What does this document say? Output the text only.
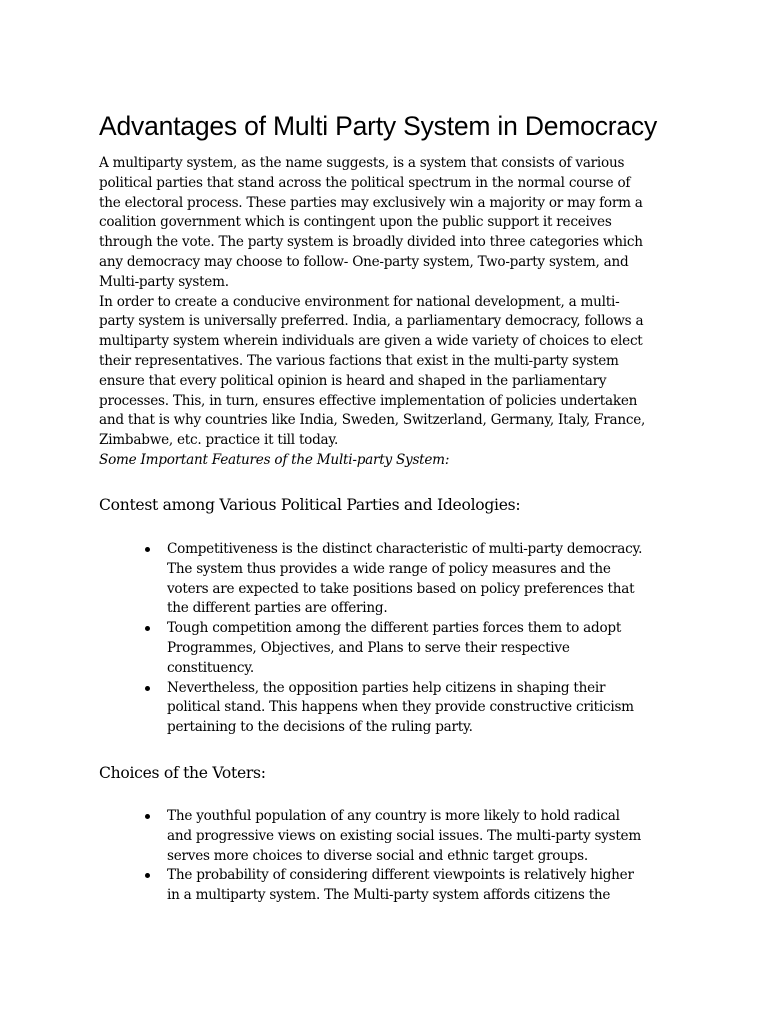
Advantages of Multi Party System in Democracy

A multiparty system, as the name suggests, is a system that consists of various
political parties that stand across the political spectrum in the normal course of
the electoral process. These parties may exclusively win a majority or may form a
coalition government which is contingent upon the public support it receives
through the vote. The party system is broadly divided into three categories which
any democracy may choose to follow- One-party system, Two-party system, and
Multi-party system.
In order to create a conducive environment for national development, a multi-
party system is universally preferred. India, a parliamentary democracy, follows a
multiparty system wherein individuals are given a wide variety of choices to elect
their representatives. The various factions that exist in the multi-party system
ensure that every political opinion is heard and shaped in the parliamentary
processes. This, in turn, ensures effective implementation of policies undertaken
and that is why countries like India, Sweden, Switzerland, Germany, Italy, France,
Zimbabwe, etc. practice it till today.
Some Important Features of the Multi-party System:

Contest among Various Political Parties and Ideologies:
Competitiveness is the distinct characteristic of multi-party democracy.
The system thus provides a wide range of policy measures and the
voters are expected to take positions based on policy preferences that
the different parties are offering.
Tough competition among the different parties forces them to adopt
Programmes, Objectives, and Plans to serve their respective
constituency.
Nevertheless, the opposition parties help citizens in shaping their
political stand. This happens when they provide constructive criticism
pertaining to the decisions of the ruling party.
Choices of the Voters:
The youthful population of any country is more likely to hold radical
and progressive views on existing social issues. The multi-party system
serves more choices to diverse social and ethnic target groups.
The probability of considering different viewpoints is relatively higher
in a multiparty system. The Multi-party system affords citizens the
